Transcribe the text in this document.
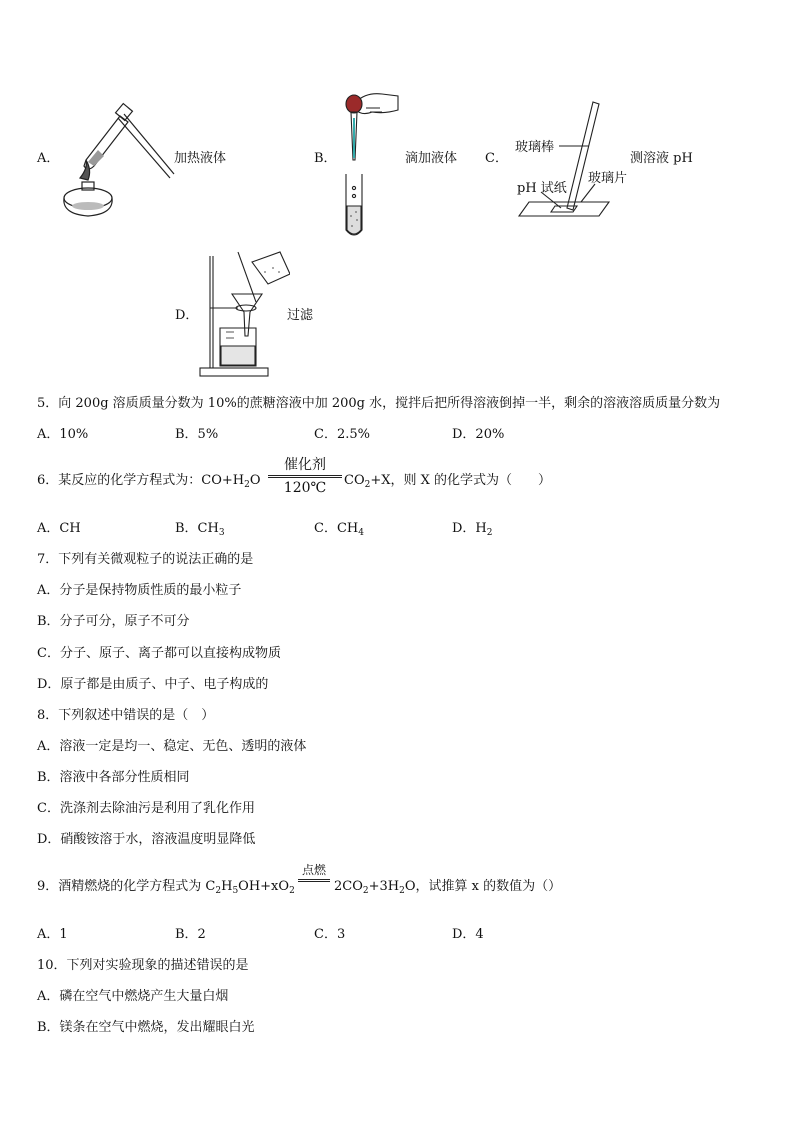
A．	加热液体	B．	滴加液体 C．
玻璃棒
pH 试纸
玻璃片
测溶液 pH
D．	过滤
5．向 200g 溶质质量分数为 10%的蔗糖溶液中加 200g 水，搅拌后把所得溶液倒掉一半，剩余的溶液溶质质量分数为
A．10%	B．5%	C．2.5%	D．20%
6．某反应的化学方程式为：$CO+H_2O$
催化剂
120℃	$CO_2+X$，则 X 的化学式为（　　）
A．CH	B．$CH_3$	C．$CH_4$	D．$H_2$
7．下列有关微观粒子的说法正确的是
A．分子是保持物质性质的最小粒子
B．分子可分，原子不可分
C．分子、原子、离子都可以直接构成物质
D．原子都是由质子、中子、电子构成的
8．下列叙述中错误的是（　）
A．溶液一定是均一、稳定、无色、透明的液体
B．溶液中各部分性质相同
C．洗涤剂去除油污是利用了乳化作用
D．硝酸铵溶于水，溶液温度明显降低
9．酒精燃烧的化学方程式为 $C_2H_5OH+xO_2$
点燃
$2CO_2+3H_2O$，试推算 x 的数值为（）
A．1	B．2	C．3	D．4
10．下列对实验现象的描述错误的是
A．磷在空气中燃烧产生大量白烟
B．镁条在空气中燃烧，发出耀眼白光
